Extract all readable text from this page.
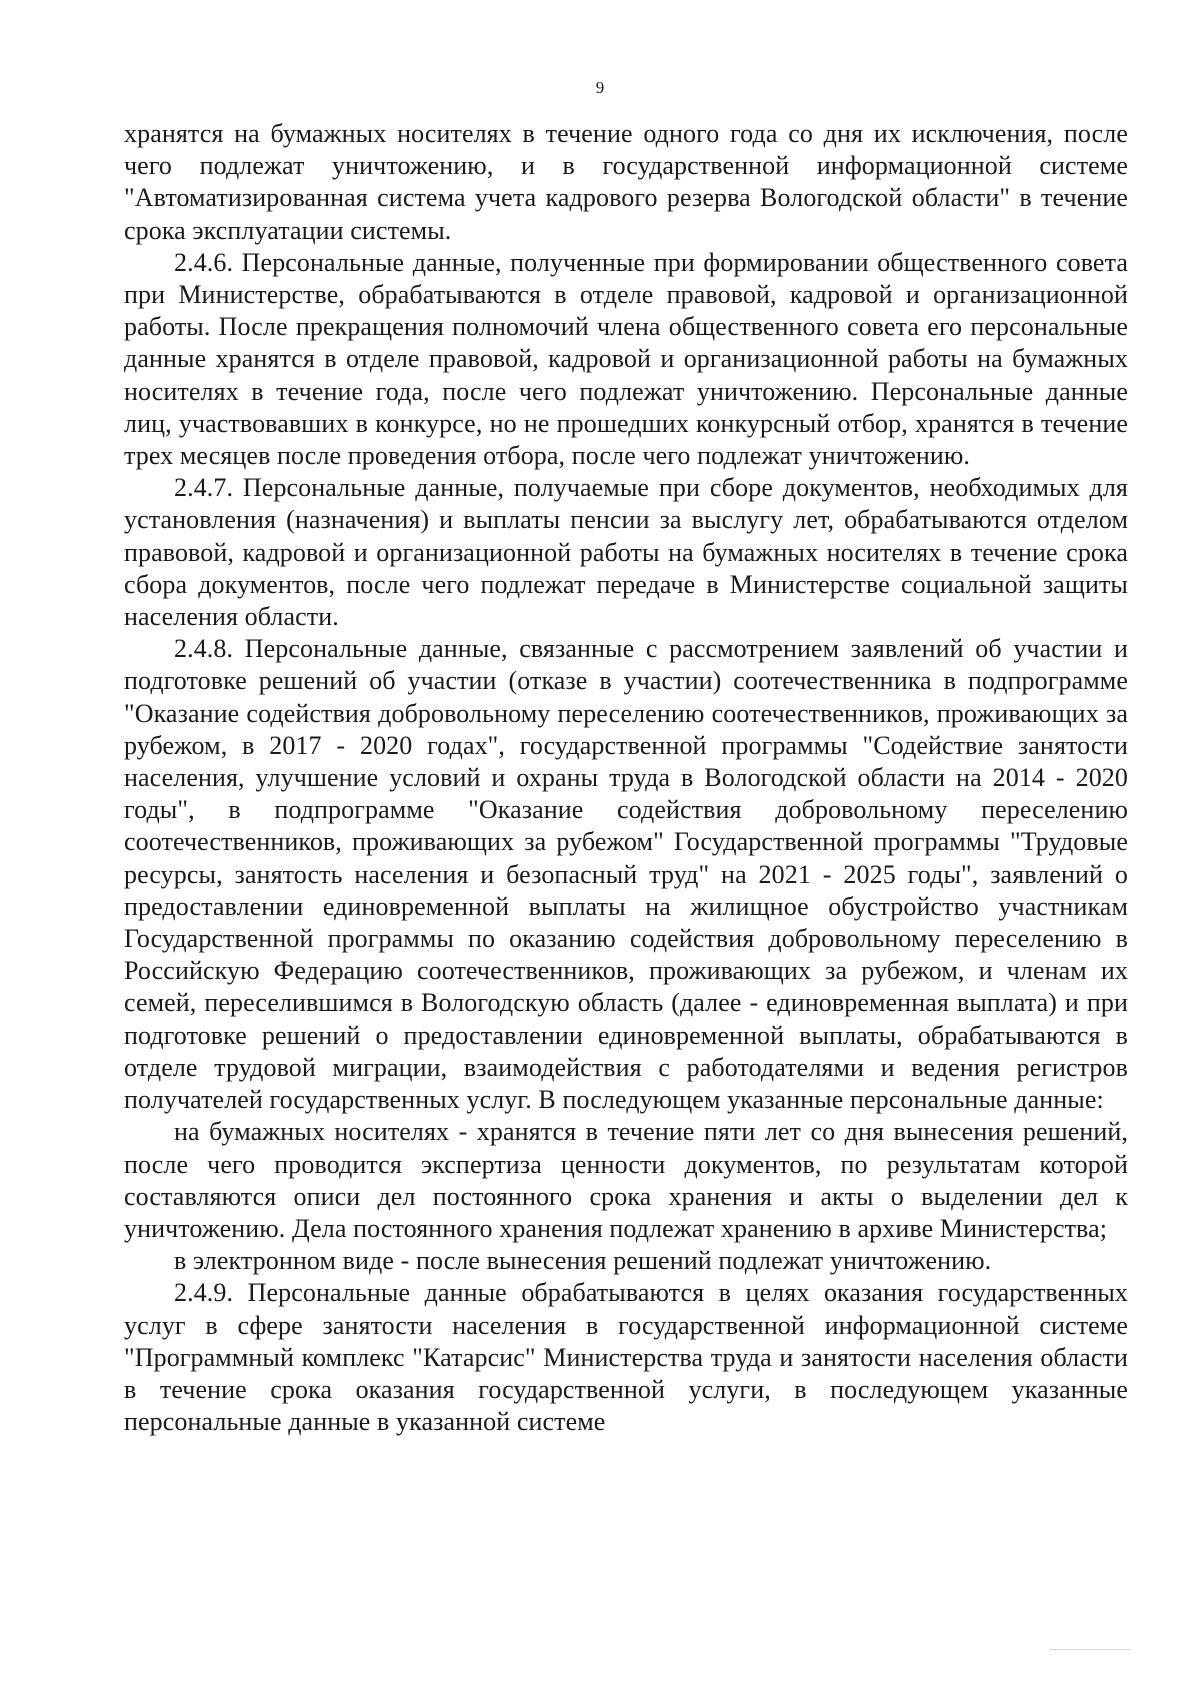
9

хранятся на бумажных носителях в течение одного года со дня их исключения, после чего подлежат уничтожению, и в государственной информационной системе "Автоматизированная система учета кадрового резерва Вологодской области" в течение срока эксплуатации системы.

2.4.6. Персональные данные, полученные при формировании общественного совета при Министерстве, обрабатываются в отделе правовой, кадровой и организационной работы. После прекращения полномочий члена общественного совета его персональные данные хранятся в отделе правовой, кадровой и организационной работы на бумажных носителях в течение года, после чего подлежат уничтожению. Персональные данные лиц, участвовавших в конкурсе, но не прошедших конкурсный отбор, хранятся в течение трех месяцев после проведения отбора, после чего подлежат уничтожению.

2.4.7. Персональные данные, получаемые при сборе документов, необходимых для установления (назначения) и выплаты пенсии за выслугу лет, обрабатываются отделом правовой, кадровой и организационной работы на бумажных носителях в течение срока сбора документов, после чего подлежат передаче в Министерстве социальной защиты населения области.

2.4.8. Персональные данные, связанные с рассмотрением заявлений об участии и подготовке решений об участии (отказе в участии) соотечественника в подпрограмме "Оказание содействия добровольному переселению соотечественников, проживающих за рубежом, в 2017 - 2020 годах", государственной программы "Содействие занятости населения, улучшение условий и охраны труда в Вологодской области на 2014 - 2020 годы", в подпрограмме "Оказание содействия добровольному переселению соотечественников, проживающих за рубежом" Государственной программы "Трудовые ресурсы, занятость населения и безопасный труд" на 2021 - 2025 годы", заявлений о предоставлении единовременной выплаты на жилищное обустройство участникам Государственной программы по оказанию содействия добровольному переселению в Российскую Федерацию соотечественников, проживающих за рубежом, и членам их семей, переселившимся в Вологодскую область (далее - единовременная выплата) и при подготовке решений о предоставлении единовременной выплаты, обрабатываются в отделе трудовой миграции, взаимодействия с работодателями и ведения регистров получателей государственных услуг. В последующем указанные персональные данные:

на бумажных носителях - хранятся в течение пяти лет со дня вынесения решений, после чего проводится экспертиза ценности документов, по результатам которой составляются описи дел постоянного срока хранения и акты о выделении дел к уничтожению. Дела постоянного хранения подлежат хранению в архиве Министерства;

в электронном виде - после вынесения решений подлежат уничтожению.

2.4.9. Персональные данные обрабатываются в целях оказания государственных услуг в сфере занятости населения в государственной информационной системе "Программный комплекс "Катарсис" Министерства труда и занятости населения области в течение срока оказания государственной услуги, в последующем указанные персональные данные в указанной системе
